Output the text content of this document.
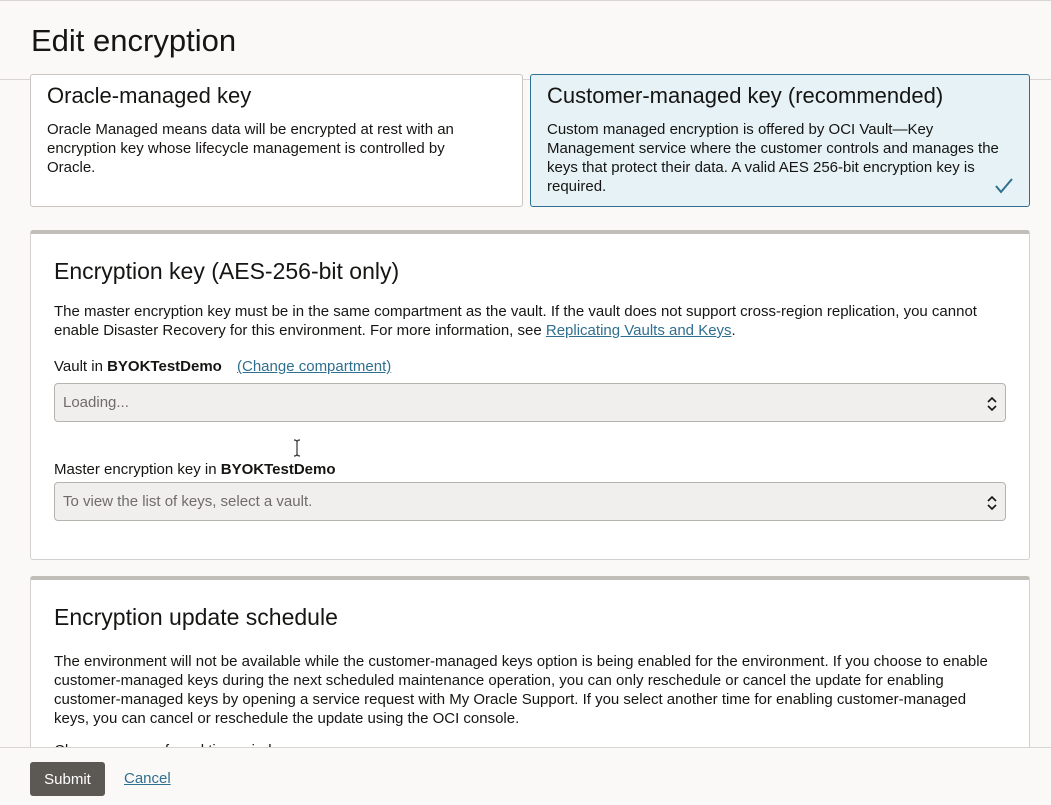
Edit encryption
Oracle-managed key

Oracle Managed means data will be encrypted at rest with an encryption key whose lifecycle management is controlled by Oracle.

Customer-managed key (recommended)

Custom managed encryption is offered by OCI Vault—Key Management service where the customer controls and manages the keys that protect their data. A valid AES 256-bit encryption key is required.

Encryption key (AES-256-bit only)

The master encryption key must be in the same compartment as the vault. If the vault does not support cross-region replication, you cannot enable Disaster Recovery for this environment. For more information, see Replicating Vaults and Keys.

Vault in BYOKTestDemo (Change compartment)
Loading...
Master encryption key in BYOKTestDemo
To view the list of keys, select a vault.
Encryption update schedule

The environment will not be available while the customer-managed keys option is being enabled for the environment. If you choose to enable customer-managed keys during the next scheduled maintenance operation, you can only reschedule or cancel the update for enabling customer-managed keys by opening a service request with My Oracle Support. If you select another time for enabling customer-managed keys, you can cancel or reschedule the update using the OCI console.

Submit	Cancel
